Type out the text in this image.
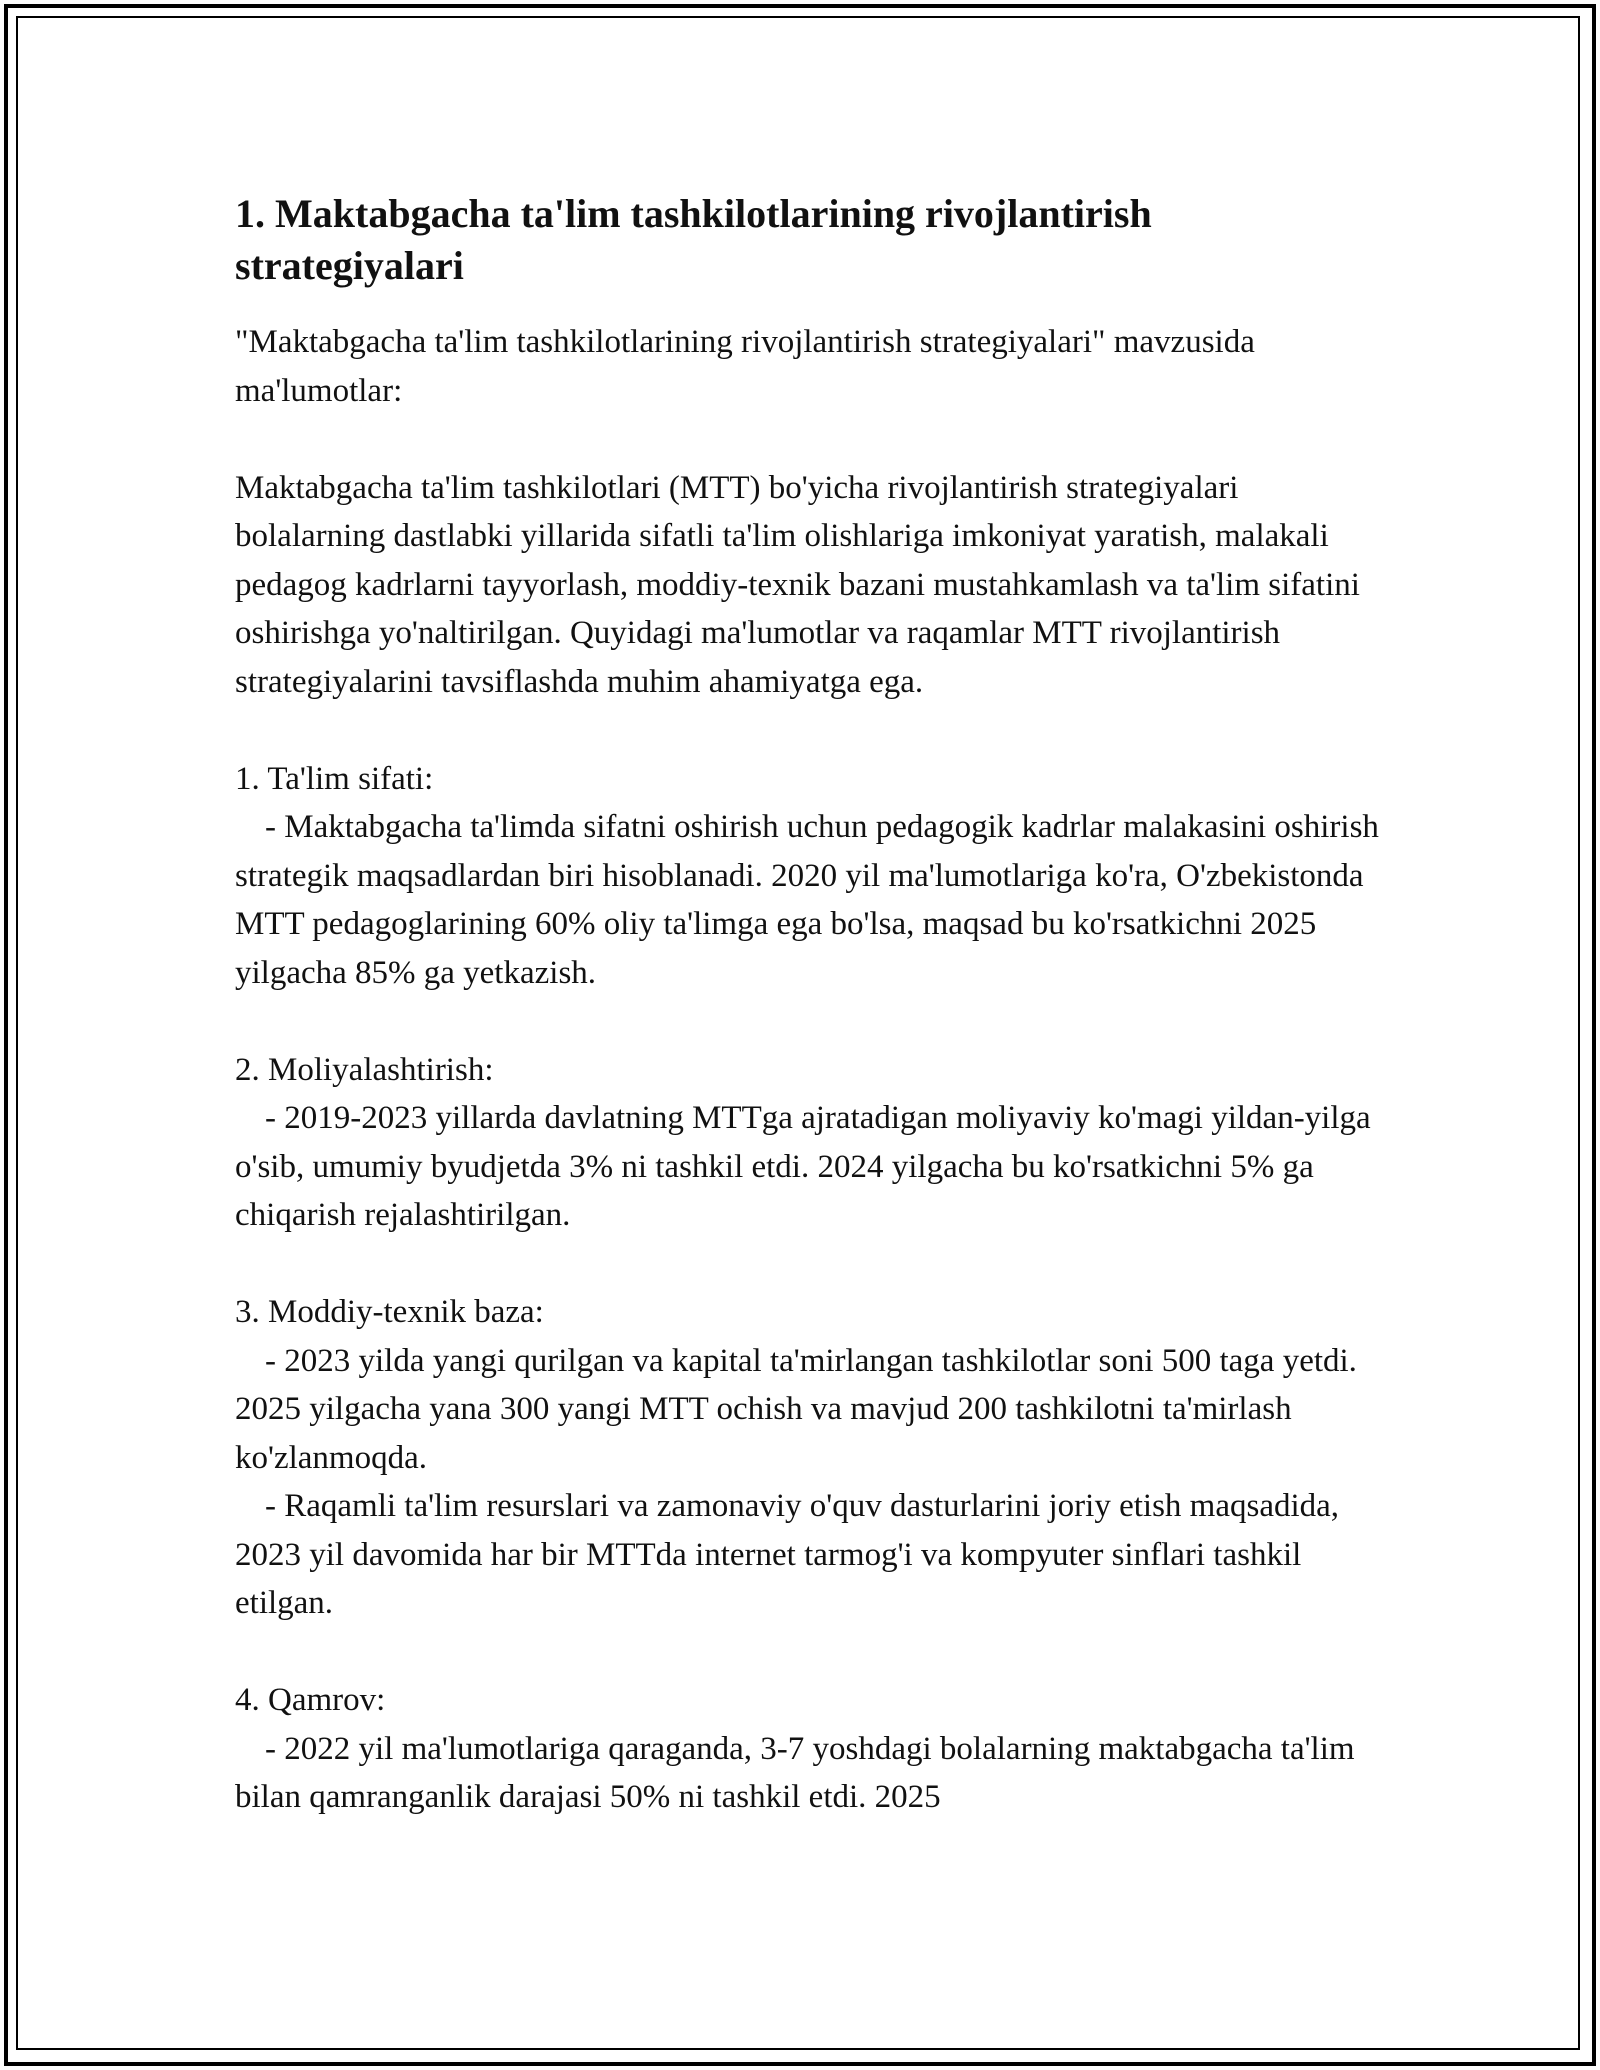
1. Maktabgacha ta'lim tashkilotlarining rivojlantirish strategiyalari

"Maktabgacha ta'lim tashkilotlarining rivojlantirish strategiyalari" mavzusida ma'lumotlar:

Maktabgacha ta'lim tashkilotlari (MTT) bo'yicha rivojlantirish strategiyalari bolalarning dastlabki yillarida sifatli ta'lim olishlariga imkoniyat yaratish, malakali pedagog kadrlarni tayyorlash, moddiy-texnik bazani mustahkamlash va ta'lim sifatini oshirishga yo'naltirilgan. Quyidagi ma'lumotlar va raqamlar MTT rivojlantirish strategiyalarini tavsiflashda muhim ahamiyatga ega.

1. Ta'lim sifati:

- Maktabgacha ta'limda sifatni oshirish uchun pedagogik kadrlar malakasini oshirish strategik maqsadlardan biri hisoblanadi. 2020 yil ma'lumotlariga ko'ra, O'zbekistonda MTT pedagoglarining 60% oliy ta'limga ega bo'lsa, maqsad bu ko'rsatkichni 2025 yilgacha 85% ga yetkazish.

2. Moliyalashtirish:

- 2019-2023 yillarda davlatning MTTga ajratadigan moliyaviy ko'magi yildan-yilga o'sib, umumiy byudjetda 3% ni tashkil etdi. 2024 yilgacha bu ko'rsatkichni 5% ga chiqarish rejalashtirilgan.

3. Moddiy-texnik baza:

- 2023 yilda yangi qurilgan va kapital ta'mirlangan tashkilotlar soni 500 taga yetdi. 2025 yilgacha yana 300 yangi MTT ochish va mavjud 200 tashkilotni ta'mirlash ko'zlanmoqda.

- Raqamli ta'lim resurslari va zamonaviy o'quv dasturlarini joriy etish maqsadida, 2023 yil davomida har bir MTTda internet tarmog'i va kompyuter sinflari tashkil etilgan.

4. Qamrov:

- 2022 yil ma'lumotlariga qaraganda, 3-7 yoshdagi bolalarning maktabgacha ta'lim bilan qamranganlik darajasi 50% ni tashkil etdi. 2025
